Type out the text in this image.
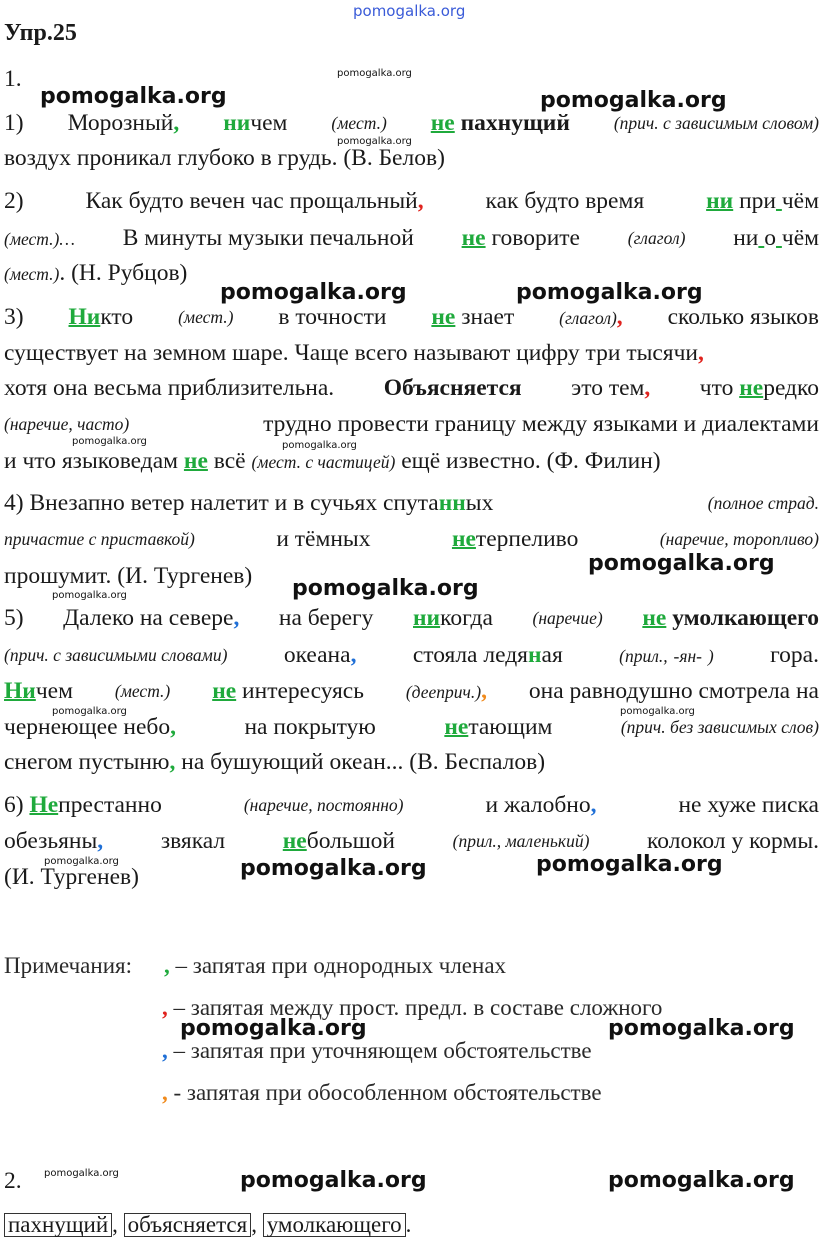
pomogalka.org
pomogalka.org
pomogalka.org	pomogalka.org
pomogalka.org
pomogalka.org	pomogalka.org
pomogalka.org	pomogalka.org
pomogalka.org
pomogalka.org
pomogalka.org
pomogalka.org	pomogalka.org
pomogalka.org	pomogalka.org	pomogalka.org
pomogalka.org	pomogalka.org
pomogalka.org	pomogalka.org	pomogalka.org
Упр.25
1.
1) Морозный, ничем	(мест.) не пахнущий	(прич. с зависимым словом)
воздух проникал глубоко в грудь. (В. Белов)
2)	Как будто вечен час прощальный,	как будто время	ни при чём
(мест.)… В минуты музыки печальной не говорите	(глагол) ни о чём
(мест.). (Н. Рубцов)
3) Никто	(мест.) в точности не знает	(глагол), сколько языков
существует на земном шаре. Чаще всего называют цифру три тысячи,
хотя она весьма приблизительна. Объясняется это тем, что нередко
(наречие, часто)	трудно провести границу между языками и диалектами
и что языковедам не всё (мест. с частицей) ещё известно. (Ф. Филин)
4) Внезапно ветер налетит и в сучьях спутанных	(полное страд.
причастие с приставкой)	и тёмных	нетерпеливо	(наречие, торопливо)
прошумит. (И. Тургенев)
5) Далеко на севере, на берегу никогда (наречие) не умолкающего
(прич. с зависимыми словами) океана, стояла ледяная	(прил., -ян- ) гора.
Ничем (мест.) не интересуясь (дееприч.), она равнодушно смотрела на
чернеющее небо,	на покрытую	нетающим	(прич. без зависимых слов)
снегом пустыню, на бушующий океан... (В. Беспалов)
6) Непрестанно	(наречие, постоянно)	и жалобно,	не хуже писка
обезьяны, звякал небольшой	(прил., маленький) колокол у кормы.
(И. Тургенев)
Примечания: , – запятая при однородных членах
, – запятая между прост. предл. в составе сложного
, – запятая при уточняющем обстоятельстве
, - запятая при обособленном обстоятельстве
2.
пахнущий , объясняется , умолкающего .
